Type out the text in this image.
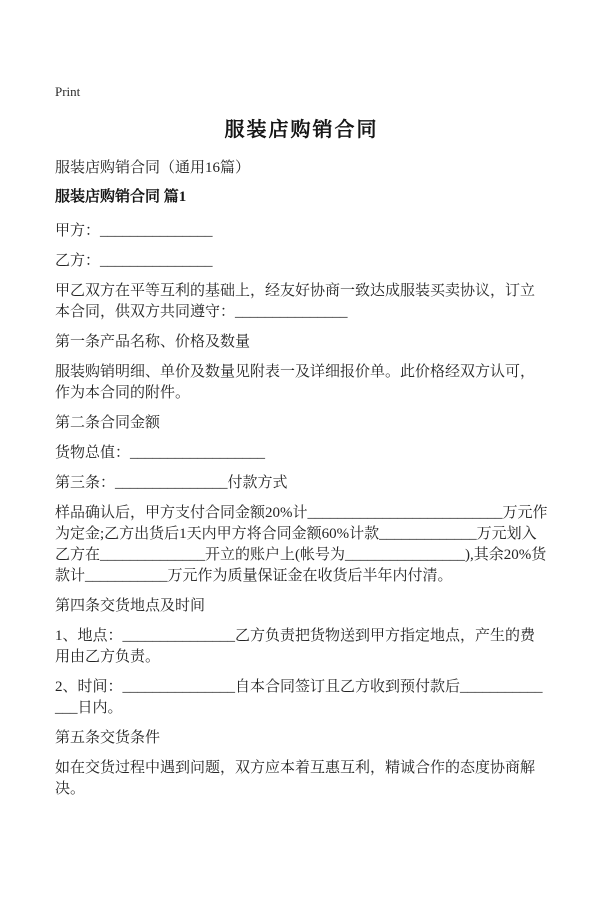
Print
服装店购销合同

服装店购销合同（通用16篇）

服装店购销合同 篇1

甲方：_______________

乙方：_______________

甲乙双方在平等互利的基础上，经友好协商一致达成服装买卖协议，订立本合同，供双方共同遵守：_______________

第一条产品名称、价格及数量

服装购销明细、单价及数量见附表一及详细报价单。此价格经双方认可，作为本合同的附件。

第二条合同金额

货物总值：__________________

第三条：_______________付款方式

样品确认后，甲方支付合同金额20%计__________________________万元作为定金;乙方出货后1天内甲方将合同金额60%计款_____________万元划入乙方在______________开立的账户上(帐号为________________),其余20%货款计___________万元作为质量保证金在收货后半年内付清。

第四条交货地点及时间

1、地点：_______________乙方负责把货物送到甲方指定地点，产生的费用由乙方负责。

2、时间：_______________自本合同签订且乙方收到预付款后______________日内。

第五条交货条件

如在交货过程中遇到问题，双方应本着互惠互利，精诚合作的态度协商解决。
